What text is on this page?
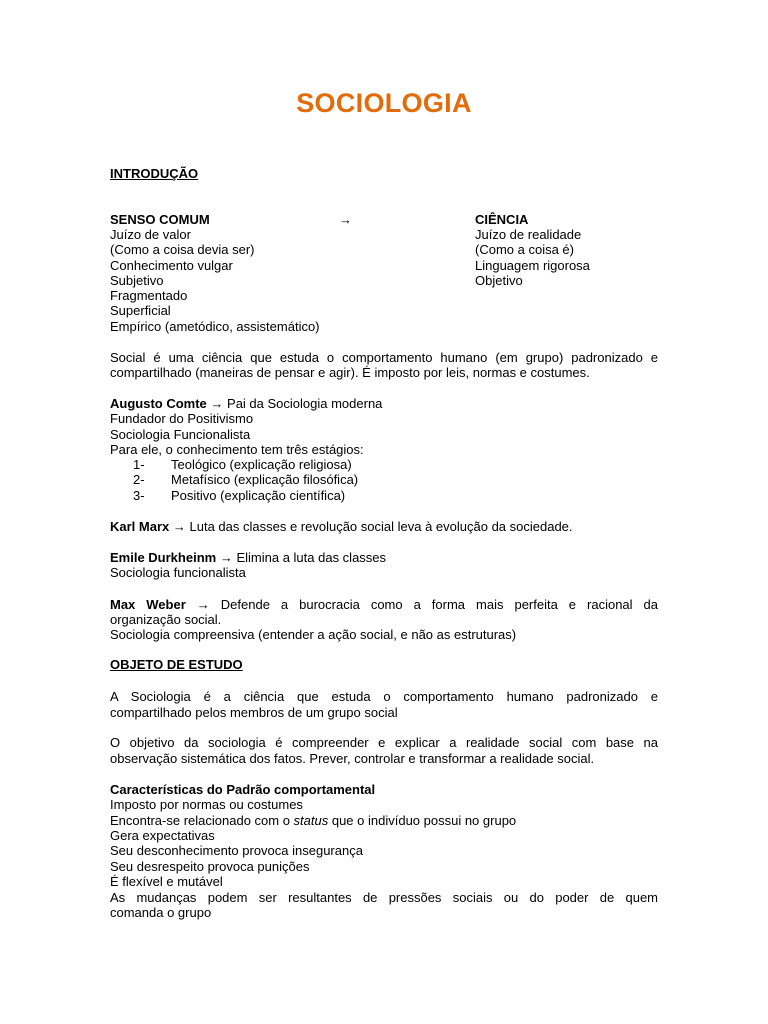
SOCIOLOGIA
INTRODUÇÃO
SENSO COMUM	→	CIÊNCIA
Juízo de valor
(Como a coisa devia ser)
Conhecimento vulgar
Subjetivo
Fragmentado
Superficial
Empírico (ametódico, assistemático)
Juízo de realidade
(Como a coisa é)
Linguagem rigorosa
Objetivo
Social é uma ciência que estuda o comportamento humano (em grupo) padronizado e
compartilhado (maneiras de pensar e agir). É imposto por leis, normas e costumes.
Augusto Comte → Pai da Sociologia moderna
Fundador do Positivismo
Sociologia Funcionalista
Para ele, o conhecimento tem três estágios:
1- Teológico (explicação religiosa)
2- Metafísico (explicação filosófica)
3- Positivo (explicação científica)
Karl Marx → Luta das classes e revolução social leva à evolução da sociedade.
Emile Durkheinm → Elimina a luta das classes
Sociologia funcionalista
Max Weber → Defende a burocracia como a forma mais perfeita e racional da
organização social.
Sociologia compreensiva (entender a ação social, e não as estruturas)
OBJETO DE ESTUDO
A Sociologia é a ciência que estuda o comportamento humano padronizado e
compartilhado pelos membros de um grupo social
O objetivo da sociologia é compreender e explicar a realidade social com base na
observação sistemática dos fatos. Prever, controlar e transformar a realidade social.
Características do Padrão comportamental
Imposto por normas ou costumes
Encontra-se relacionado com o status que o indivíduo possui no grupo
Gera expectativas
Seu desconhecimento provoca insegurança
Seu desrespeito provoca punições
É flexível e mutável
As mudanças podem ser resultantes de pressões sociais ou do poder de quem
comanda o grupo
